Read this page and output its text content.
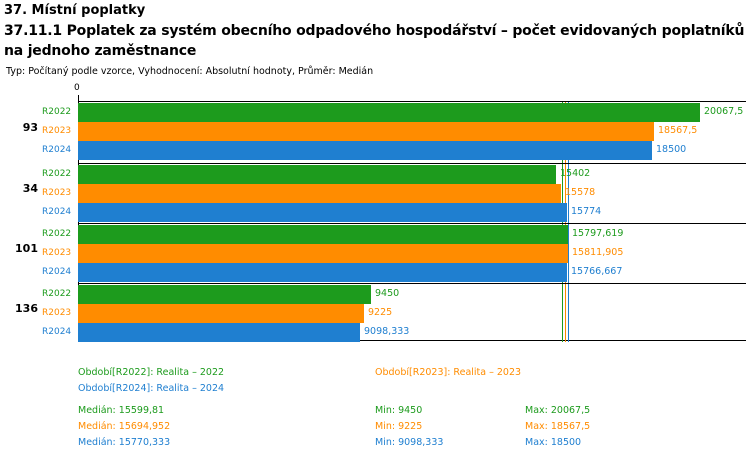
37. Místní poplatky
37.11.1 Poplatek za systém obecního odpadového hospodářství – počet evidovaných poplatníků na jednoho zaměstnance
Typ: Počítaný podle vzorce, Vyhodnocení: Absolutní hodnoty, Průměr: Medián
0
93
R2022	20067,5
R2023	18567,5
R2024	18500
34
R2022	15402
R2023	15578
R2024	15774
101
R2022	15797,619
R2023	15811,905
R2024	15766,667
136
R2022	9450
R2023	9225
R2024	9098,333
Období[R2022]: Realita – 2022	Období[R2023]: Realita – 2023
Období[R2024]: Realita – 2024
Medián: 15599,81	Min: 9450	Max: 20067,5
Medián: 15694,952	Min: 9225	Max: 18567,5
Medián: 15770,333	Min: 9098,333	Max: 18500
